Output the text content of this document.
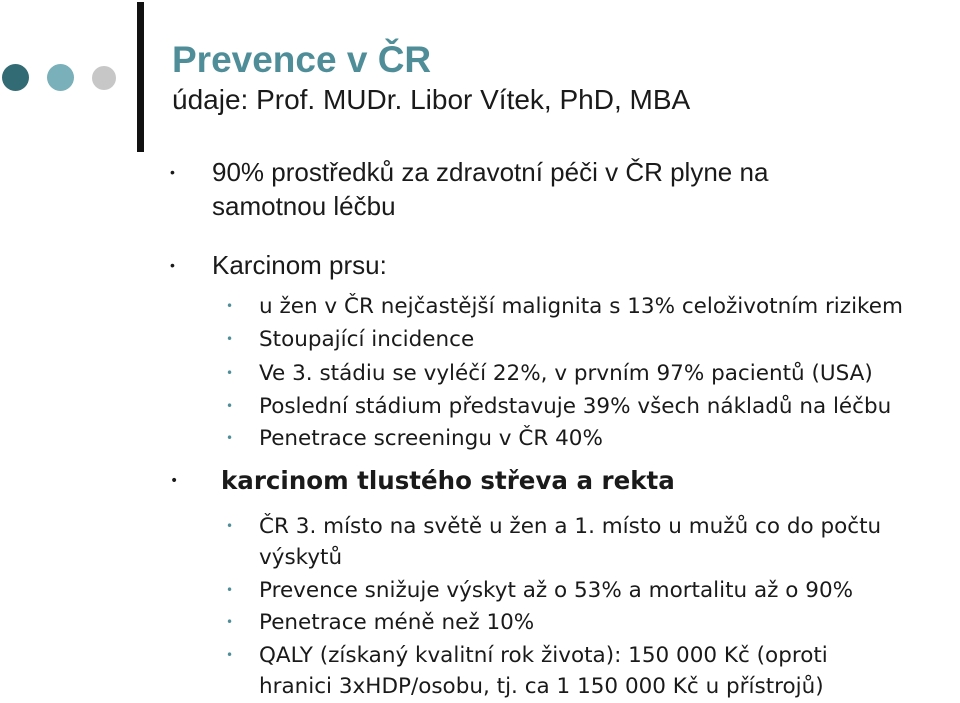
Prevence v ČR

údaje: Prof. MUDr. Libor Vítek, PhD, MBA

• 90% prostředků za zdravotní péči v ČR plyne na
samotnou léčbu

• Karcinom prsu:

• u žen v ČR nejčastější malignita s 13% celoživotním rizikem

• Stoupající incidence

• Ve 3. stádiu se vyléčí 22%, v prvním 97% pacientů (USA)

• Poslední stádium představuje 39% všech nákladů na léčbu

• Penetrace screeningu v ČR 40%

• karcinom tlustého střeva a rekta

• ČR 3. místo na světě u žen a 1. místo u mužů co do počtu
výskytů

• Prevence snižuje výskyt až o 53% a mortalitu až o 90%

• Penetrace méně než 10%

• QALY (získaný kvalitní rok života): 150 000 Kč (oproti
hranici 3xHDP/osobu, tj. ca 1 150 000 Kč u přístrojů)
